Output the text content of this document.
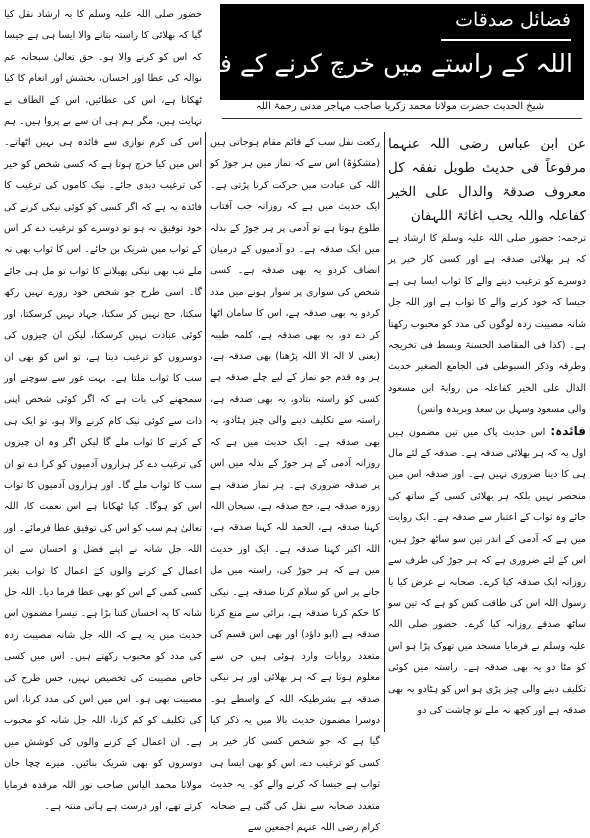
فضائل صدقات
اللہ کے راستے میں خرچ کرنے کے فائدے
شیخ الحدیث حضرت مولانا محمد زکریا صاحب مہاجر مدنی رحمۃ اللہ

عن ابن عباس رضی اللہ عنہما مرفوعاً فی حدیث طویل نفقہ کل معروف صدقۃ والدال علی الخیر کفاعلہ واللہ یحب اغاثۃ اللہفان

ترجمہ: حضور صلی اللہ علیہ وسلم کا ارشاد ہے کہ ہر بھلائی صدقہ ہے اور کسی کار خیر پر دوسرے کو ترغیب دینے والے کا ثواب ایسا ہی ہے جیسا کہ خود کرنے والے کا ثواب ہے اور اللہ جل شانہ مصیبت زدہ لوگوں کی مدد کو محبوب رکھتا ہے۔ (کذا فی المقاصد الحسنۃ وبسط فی تخریجہ وطرقہ وذکر السیوطی فی الجامع الصغیر حدیث الدال علی الخیر کفاعلہ من روایۃ ابن مسعود والی مسعود وسہل بن سعد وبریدہ وانس)

فائدہ: اس حدیث پاک میں تین مضمون ہیں اول یہ کہ ہر بھلائی صدقہ ہے۔ صدقہ کے لئے مال ہی کا دینا ضروری نہیں ہے۔ اور صدقہ اس میں منحصر نہیں بلکہ ہر بھلائی کسی کے ساتھ کی جائے وہ ثواب کے اعتبار سے صدقہ ہے۔ ایک روایت میں ہے کہ آدمی کے اندر تین سو ساٹھ جوڑ ہیں، اس کے لئے ضروری ہے کہ ہر جوڑ کی طرف سے روزانہ ایک صدقہ کیا کرے۔ صحابہ نے عرض کیا یا رسول اللہ اس کی طاقت کس کو ہے کہ تین سو ساٹھ صدقے روزانہ کیا کرے۔ حضور صلی اللہ علیہ وسلم نے فرمایا مسجد میں تھوک پڑا ہو اس کو مٹا دو یہ بھی صدقہ ہے۔ راستہ میں کوئی تکلیف دینے والی چیز پڑی ہو اس کو ہٹادو یہ بھی صدقہ ہے اور کچھ نہ ملے تو چاشت کی دو

رکعت نفل سب کے قائم مقام ہوجاتی ہیں (مشکوٰۃ) اس سے کہ نماز میں ہر جوڑ کو اللہ کی عبادت میں حرکت کرنا پڑتی ہے۔ ایک حدیث میں ہے کہ روزانہ جب آفتاب طلوع ہوتا ہے تو آدمی پر ہر جوڑ کے بدلہ میں ایک صدقہ ہے۔ دو آدمیوں کے درمیان انصاف کردو یہ بھی صدقہ ہے۔ کسی شخص کی سواری پر سوار ہونے میں مدد کردو یہ بھی صدقہ ہے، اس کا سامان اٹھا کر دے دو، یہ بھی صدقہ ہے، کلمہ طیبہ (یعنی لا الہ الا اللہ پڑھنا) بھی صدقہ ہے، ہر وہ قدم جو نماز کے لیے چلے صدقہ ہے کسی کو راستہ بتادو، یہ بھی صدقہ ہے، راستہ سے تکلیف دینے والی چیز ہٹادو، یہ بھی صدقہ ہے۔ ایک حدیث میں ہے کہ روزانہ آدمی کے ہر جوڑ کے بدلہ میں اس پر صدقہ ضروری ہے۔ ہر نماز صدقہ ہے روزہ صدقہ ہے، حج صدقہ ہے، سبحان اللہ کہنا صدقہ ہے، الحمد للہ کہنا صدقہ ہے، اللہ اکبر کہنا صدقہ ہے۔ ایک اور حدیث میں ہے کہ ہر جوڑ کی، راستہ میں مل جانے پر اس کو سلام کرنا صدقہ ہے۔ نیکی کا حکم کرنا صدقہ ہے، برائی سے منع کرنا صدقہ ہے (ابو داؤد) اور بھی اس قسم کی متعدد روایات وارد ہوئی ہیں جن سے معلوم ہوتا ہے کہ ہر بھلائی اور ہر نیکی صدقہ ہے بشرطیکہ اللہ کے واسطے ہو۔ دوسرا مضمون حدیث بالا میں یہ ذکر کیا گیا ہے کہ جو شخص کسی کار خیر پر کسی کو ترغیب دے، اس کو بھی ایسا ہی ثواب ہے جیسا کہ کرنے والے کو۔ یہ حدیث متعدد صحابہ سے نقل کی گئی ہے صحابہ کرام رضی اللہ عنہم اجمعین سے

حضور صلی اللہ علیہ وسلم کا یہ ارشاد نقل کیا گیا کہ بھلائی کا راستہ بتانے والا ایسا ہی ہے جیسا کہ اس کو کرنے والا ہو۔ حق تعالیٰ سبحانہ عم نوالہ کی عطا اور احسان، بخشش اور انعام کا کیا ٹھکانا ہے، اس کی عطائیں، اس کے الطاف بے نہایت ہیں، مگر ہم ہی ان سے بے پروا ہیں۔ ہم اس کی کرم نوازی سے فائدہ ہی نہیں اٹھاتے۔ اس میں کیا خرچ ہوتا ہے کہ کسی شخص کو خیر کی ترغیب دیدی جائے۔ نیک کاموں کی ترغیب کا فائدہ یہ ہے کہ اگر کسی کو کوئی نیکی کرنے کی خود توفیق نہ ہو تو دوسرے کو ترغیب دے کر اس کے ثواب میں شریک بن جائے۔ اس کا ثواب بھی نہ ملے تب بھی نیکی پھیلانے کا ثواب تو مل ہی جائے گا۔ اسی طرح جو شخص خود روزے نہیں رکھ سکتا، حج نہیں کر سکتا، جہاد نہیں کرسکتا، اور کوئی عبادت نہیں کرسکتا، لیکن ان چیزوں کی دوسروں کو ترغیب دیتا ہے، تو اس کو بھی ان سب کا ثواب ملتا ہے۔ بہت غور سے سوچنے اور سمجھنے کی بات ہے کہ اگر کوئی شخص اپنی ذات سے کوئی نیک کام کرنے والا ہو، تو ایک ہی کے کرنے کا ثواب ملے گا لیکن اگر وہ ان چیزوں کی ترغیب دے کر ہزاروں آدمیوں کو کرا دے تو ان سب کا ثواب ملے گا۔ اور ہزاروں آدمیوں کا ثواب اس کو ہوگا۔ کیا ٹھکانا ہے اس نعمت کا، اللہ تعالیٰ ہم سب کو اس کی توفیق عطا فرمائے۔ اور اللہ جل شانہ نے اپنے فضل و احسان سے ان اعمال کے کرنے والوں کے اعمال کا ثواب بغیر کسی کمی کے اس کو بھی عطا فرما دیا۔ اللہ جل شانہ کا یہ احسان کتنا بڑا ہے۔ تیسرا مضمون اس حدیث میں یہ ہے کہ اللہ جل شانہ مصیبت زدہ کی مدد کو محبوب رکھتے ہیں۔ اس میں کسی خاص مصیبت کی تخصیص نہیں، جس طرح کی مصیبت بھی ہو۔ اس میں اس کی مدد کرنا، اس کی تکلیف کو کم کرنا، اللہ جل شانہ کو محبوب ہے۔ ان اعمال کے کرنے والوں کی کوشش میں دوسروں کو بھی شریک بنائیں۔ میرے چچا جان مولانا محمد الیاس صاحب نور اللہ مرقدہ فرمایا کرتے تھے، اور درست ہے ہاتی منتہ ہے۔
